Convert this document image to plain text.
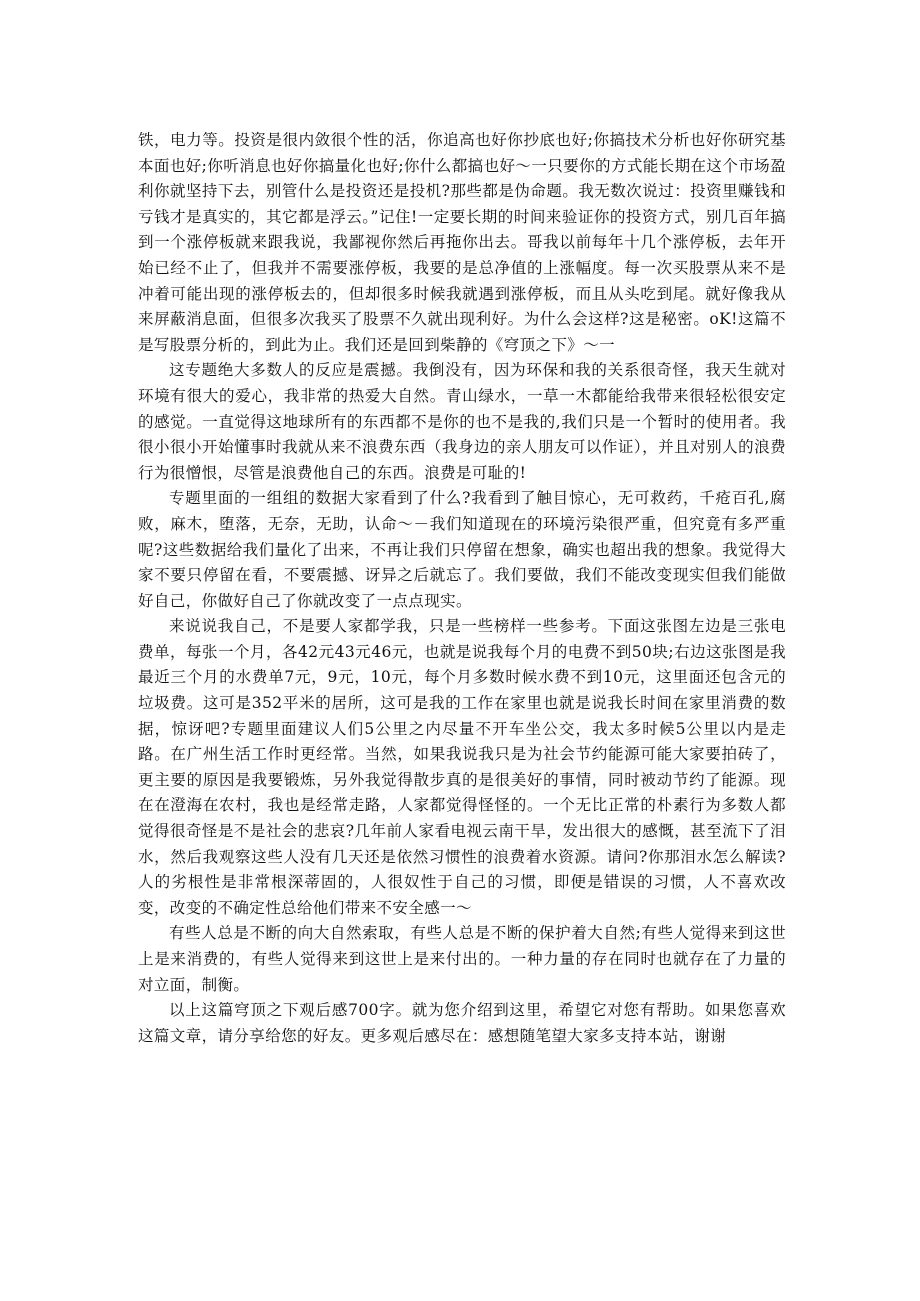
铁，电力等。投资是很内敛很个性的活，你追高也好你抄底也好;你搞技术分析也好你研究基本面也好;你听消息也好你搞量化也好;你什么都搞也好～一只要你的方式能长期在这个市场盈利你就坚持下去，别管什么是投资还是投机?那些都是伪命题。我无数次说过：投资里赚钱和亏钱才是真实的，其它都是浮云。”记住!一定要长期的时间来验证你的投资方式，别几百年搞到一个涨停板就来跟我说，我鄙视你然后再拖你出去。哥我以前每年十几个涨停板，去年开始已经不止了，但我并不需要涨停板，我要的是总净值的上涨幅度。每一次买股票从来不是冲着可能出现的涨停板去的，但却很多时候我就遇到涨停板，而且从头吃到尾。就好像我从来屏蔽消息面，但很多次我买了股票不久就出现利好。为什么会这样?这是秘密。oK!这篇不是写股票分析的，到此为止。我们还是回到柴静的《穹顶之下》～一

这专题绝大多数人的反应是震撼。我倒没有，因为环保和我的关系很奇怪，我天生就对环境有很大的爱心，我非常的热爱大自然。青山绿水，一草一木都能给我带来很轻松很安定的感觉。一直觉得这地球所有的东西都不是你的也不是我的,我们只是一个暂时的使用者。我很小很小开始懂事时我就从来不浪费东西（我身边的亲人朋友可以作证），并且对别人的浪费行为很憎恨，尽管是浪费他自己的东西。浪费是可耻的!

专题里面的一组组的数据大家看到了什么?我看到了触目惊心，无可救药，千疮百孔,腐败，麻木，堕落，无奈，无助，认命～－我们知道现在的环境污染很严重，但究竟有多严重呢?这些数据给我们量化了出来，不再让我们只停留在想象，确实也超出我的想象。我觉得大家不要只停留在看，不要震撼、讶异之后就忘了。我们要做，我们不能改变现实但我们能做好自己，你做好自己了你就改变了一点点现实。

来说说我自己，不是要人家都学我，只是一些榜样一些参考。下面这张图左边是三张电费单，每张一个月，各42元43元46元，也就是说我每个月的电费不到50块;右边这张图是我最近三个月的水费单7元，9元，10元，每个月多数时候水费不到10元，这里面还包含元的垃圾费。这可是352平米的居所，这可是我的工作在家里也就是说我长时间在家里消费的数据，惊讶吧?专题里面建议人们5公里之内尽量不开车坐公交，我太多时候5公里以内是走路。在广州生活工作时更经常。当然，如果我说我只是为社会节约能源可能大家要拍砖了，更主要的原因是我要锻炼，另外我觉得散步真的是很美好的事情，同时被动节约了能源。现在在澄海在农村，我也是经常走路，人家都觉得怪怪的。一个无比正常的朴素行为多数人都觉得很奇怪是不是社会的悲哀?几年前人家看电视云南干旱，发出很大的感慨，甚至流下了泪水，然后我观察这些人没有几天还是依然习惯性的浪费着水资源。请问?你那泪水怎么解读?人的劣根性是非常根深蒂固的，人很奴性于自己的习惯，即便是错误的习惯，人不喜欢改变，改变的不确定性总给他们带来不安全感一～

有些人总是不断的向大自然索取，有些人总是不断的保护着大自然;有些人觉得来到这世上是来消费的，有些人觉得来到这世上是来付出的。一种力量的存在同时也就存在了力量的对立面，制衡。

以上这篇穹顶之下观后感700字。就为您介绍到这里，希望它对您有帮助。如果您喜欢这篇文章，请分享给您的好友。更多观后感尽在：感想随笔望大家多支持本站，谢谢
